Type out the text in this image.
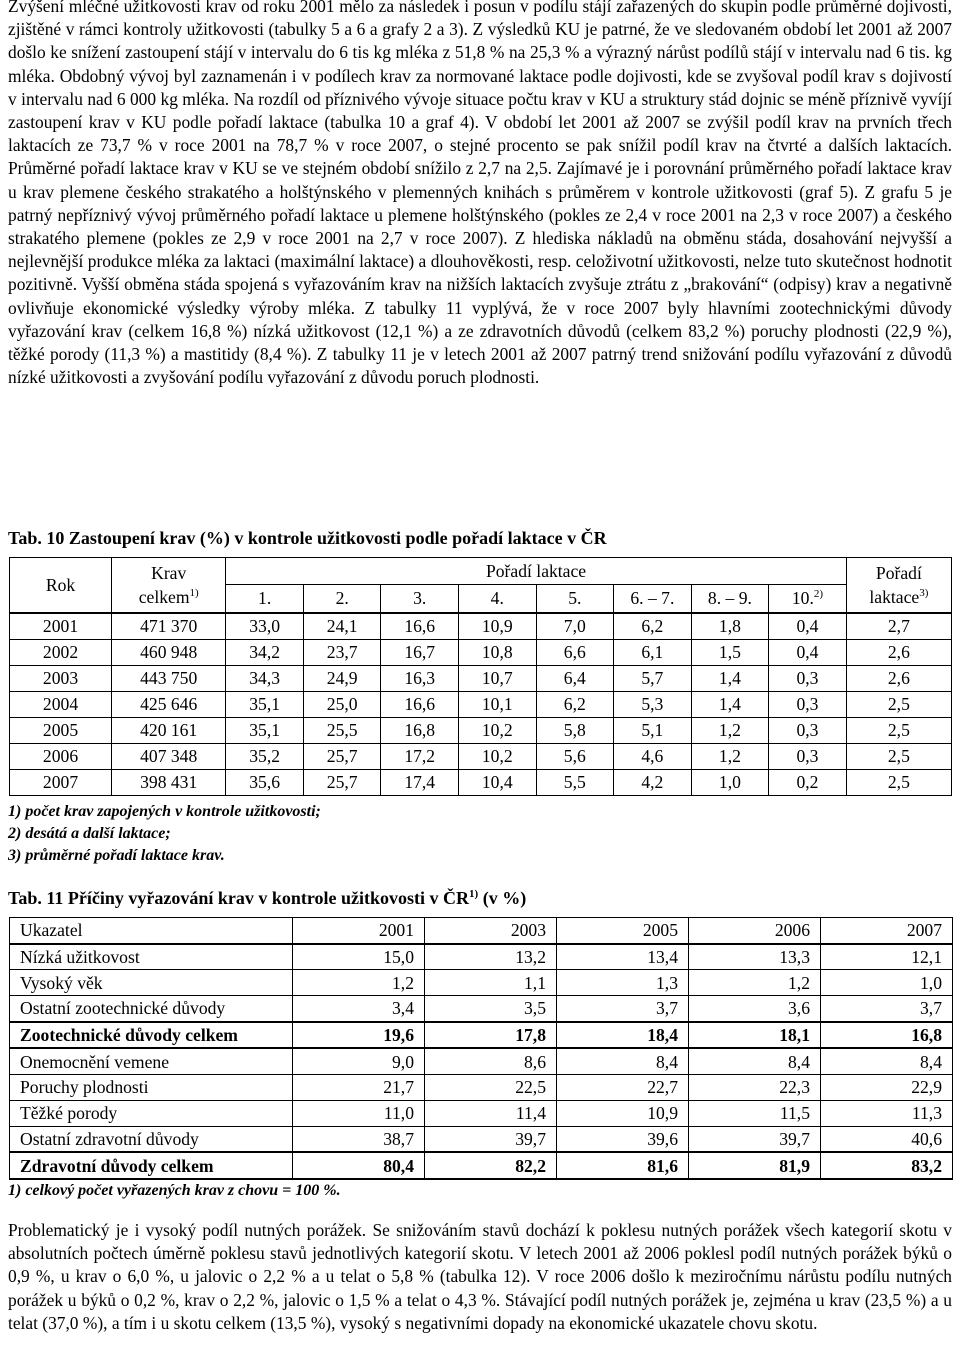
Zvýšení mléčné užitkovosti krav od roku 2001 mělo za následek i posun v podílu stájí zařazených do skupin podle průměrné dojivosti, zjištěné v rámci kontroly užitkovosti (tabulky 5 a 6 a grafy 2 a 3). Z výsledků KU je patrné, že ve sledovaném období let 2001 až 2007 došlo ke snížení zastoupení stájí v intervalu do 6 tis kg mléka z 51,8 % na 25,3 % a výrazný nárůst podílů stájí v intervalu nad 6 tis. kg mléka. Obdobný vývoj byl zaznamenán i v podílech krav za normované laktace podle dojivosti, kde se zvyšoval podíl krav s dojivostí v intervalu nad 6 000 kg mléka. Na rozdíl od příznivého vývoje situace počtu krav v KU a struktury stád dojnic se méně příznivě vyvíjí zastoupení krav v KU podle pořadí laktace (tabulka 10 a graf 4). V období let 2001 až 2007 se zvýšil podíl krav na prvních třech laktacích ze 73,7 % v roce 2001 na 78,7 % v roce 2007, o stejné procento se pak snížil podíl krav na čtvrté a dalších laktacích. Průměrné pořadí laktace krav v KU se ve stejném období snížilo z 2,7 na 2,5. Zajímavé je i porovnání průměrného pořadí laktace krav u krav plemene českého strakatého a holštýnského v plemenných knihách s průměrem v kontrole užitkovosti (graf 5). Z grafu 5 je patrný nepříznivý vývoj průměrného pořadí laktace u plemene holštýnského (pokles ze 2,4 v roce 2001 na 2,3 v roce 2007) a českého strakatého plemene (pokles ze 2,9 v roce 2001 na 2,7 v roce 2007). Z hlediska nákladů na obměnu stáda, dosahování nejvyšší a nejlevnější produkce mléka za laktaci (maximální laktace) a dlouhověkosti, resp. celoživotní užitkovosti, nelze tuto skutečnost hodnotit pozitivně. Vyšší obměna stáda spojená s vyřazováním krav na nižších laktacích zvyšuje ztrátu z „brakování“ (odpisy) krav a negativně ovlivňuje ekonomické výsledky výroby mléka. Z tabulky 11 vyplývá, že v roce 2007 byly hlavními zootechnickými důvody vyřazování krav (celkem 16,8 %) nízká užitkovost (12,1 %) a ze zdravotních důvodů (celkem 83,2 %) poruchy plodnosti (22,9 %), těžké porody (11,3 %) a mastitidy (8,4 %). Z tabulky 11 je v letech 2001 až 2007 patrný trend snižování podílu vyřazování z důvodů nízké užitkovosti a zvyšování podílu vyřazování z důvodu poruch plodnosti.

Tab. 10 Zastoupení krav (%) v kontrole užitkovosti podle pořadí laktace v ČR
Rok	Krav
celkem$^{1)}$	Pořadí laktace								Pořadí
laktace$^{3)}$
		1.	2.	3.	4.	5.	6. – 7.	8. – 9.	10.$^{2)}$
2001	471 370	33,0	24,1	16,6	10,9	7,0	6,2	1,8	0,4	2,7
2002	460 948	34,2	23,7	16,7	10,8	6,6	6,1	1,5	0,4	2,6
2003	443 750	34,3	24,9	16,3	10,7	6,4	5,7	1,4	0,3	2,6
2004	425 646	35,1	25,0	16,6	10,1	6,2	5,3	1,4	0,3	2,5
2005	420 161	35,1	25,5	16,8	10,2	5,8	5,1	1,2	0,3	2,5
2006	407 348	35,2	25,7	17,2	10,2	5,6	4,6	1,2	0,3	2,5
2007	398 431	35,6	25,7	17,4	10,4	5,5	4,2	1,0	0,2	2,5
1) počet krav zapojených v kontrole užitkovosti;
2) desátá a další laktace;
3) průměrné pořadí laktace krav.
Tab. 11 Příčiny vyřazování krav v kontrole užitkovosti v ČR$^{1)}$ (v %)
Ukazatel	2001	2003	2005	2006	2007
Nízká užitkovost	15,0	13,2	13,4	13,3	12,1
Vysoký věk	1,2	1,1	1,3	1,2	1,0
Ostatní zootechnické důvody	3,4	3,5	3,7	3,6	3,7
Zootechnické důvody celkem	19,6	17,8	18,4	18,1	16,8
Onemocnění vemene	9,0	8,6	8,4	8,4	8,4
Poruchy plodnosti	21,7	22,5	22,7	22,3	22,9
Těžké porody	11,0	11,4	10,9	11,5	11,3
Ostatní zdravotní důvody	38,7	39,7	39,6	39,7	40,6
Zdravotní důvody celkem	80,4	82,2	81,6	81,9	83,2
1) celkový počet vyřazených krav z chovu = 100 %.

Problematický je i vysoký podíl nutných porážek. Se snižováním stavů dochází k poklesu nutných porážek všech kategorií skotu v absolutních počtech úměrně poklesu stavů jednotlivých kategorií skotu. V letech 2001 až 2006 poklesl podíl nutných porážek býků o 0,9 %, u krav o 6,0 %, u jalovic o 2,2 % a u telat o 5,8 % (tabulka 12). V roce 2006 došlo k meziročnímu nárůstu podílu nutných porážek u býků o 0,2 %, krav o 2,2 %, jalovic o 1,5 % a telat o 4,3 %. Stávající podíl nutných porážek je, zejména u krav (23,5 %) a u telat (37,0 %), a tím i u skotu celkem (13,5 %), vysoký s negativními dopady na ekonomické ukazatele chovu skotu.
